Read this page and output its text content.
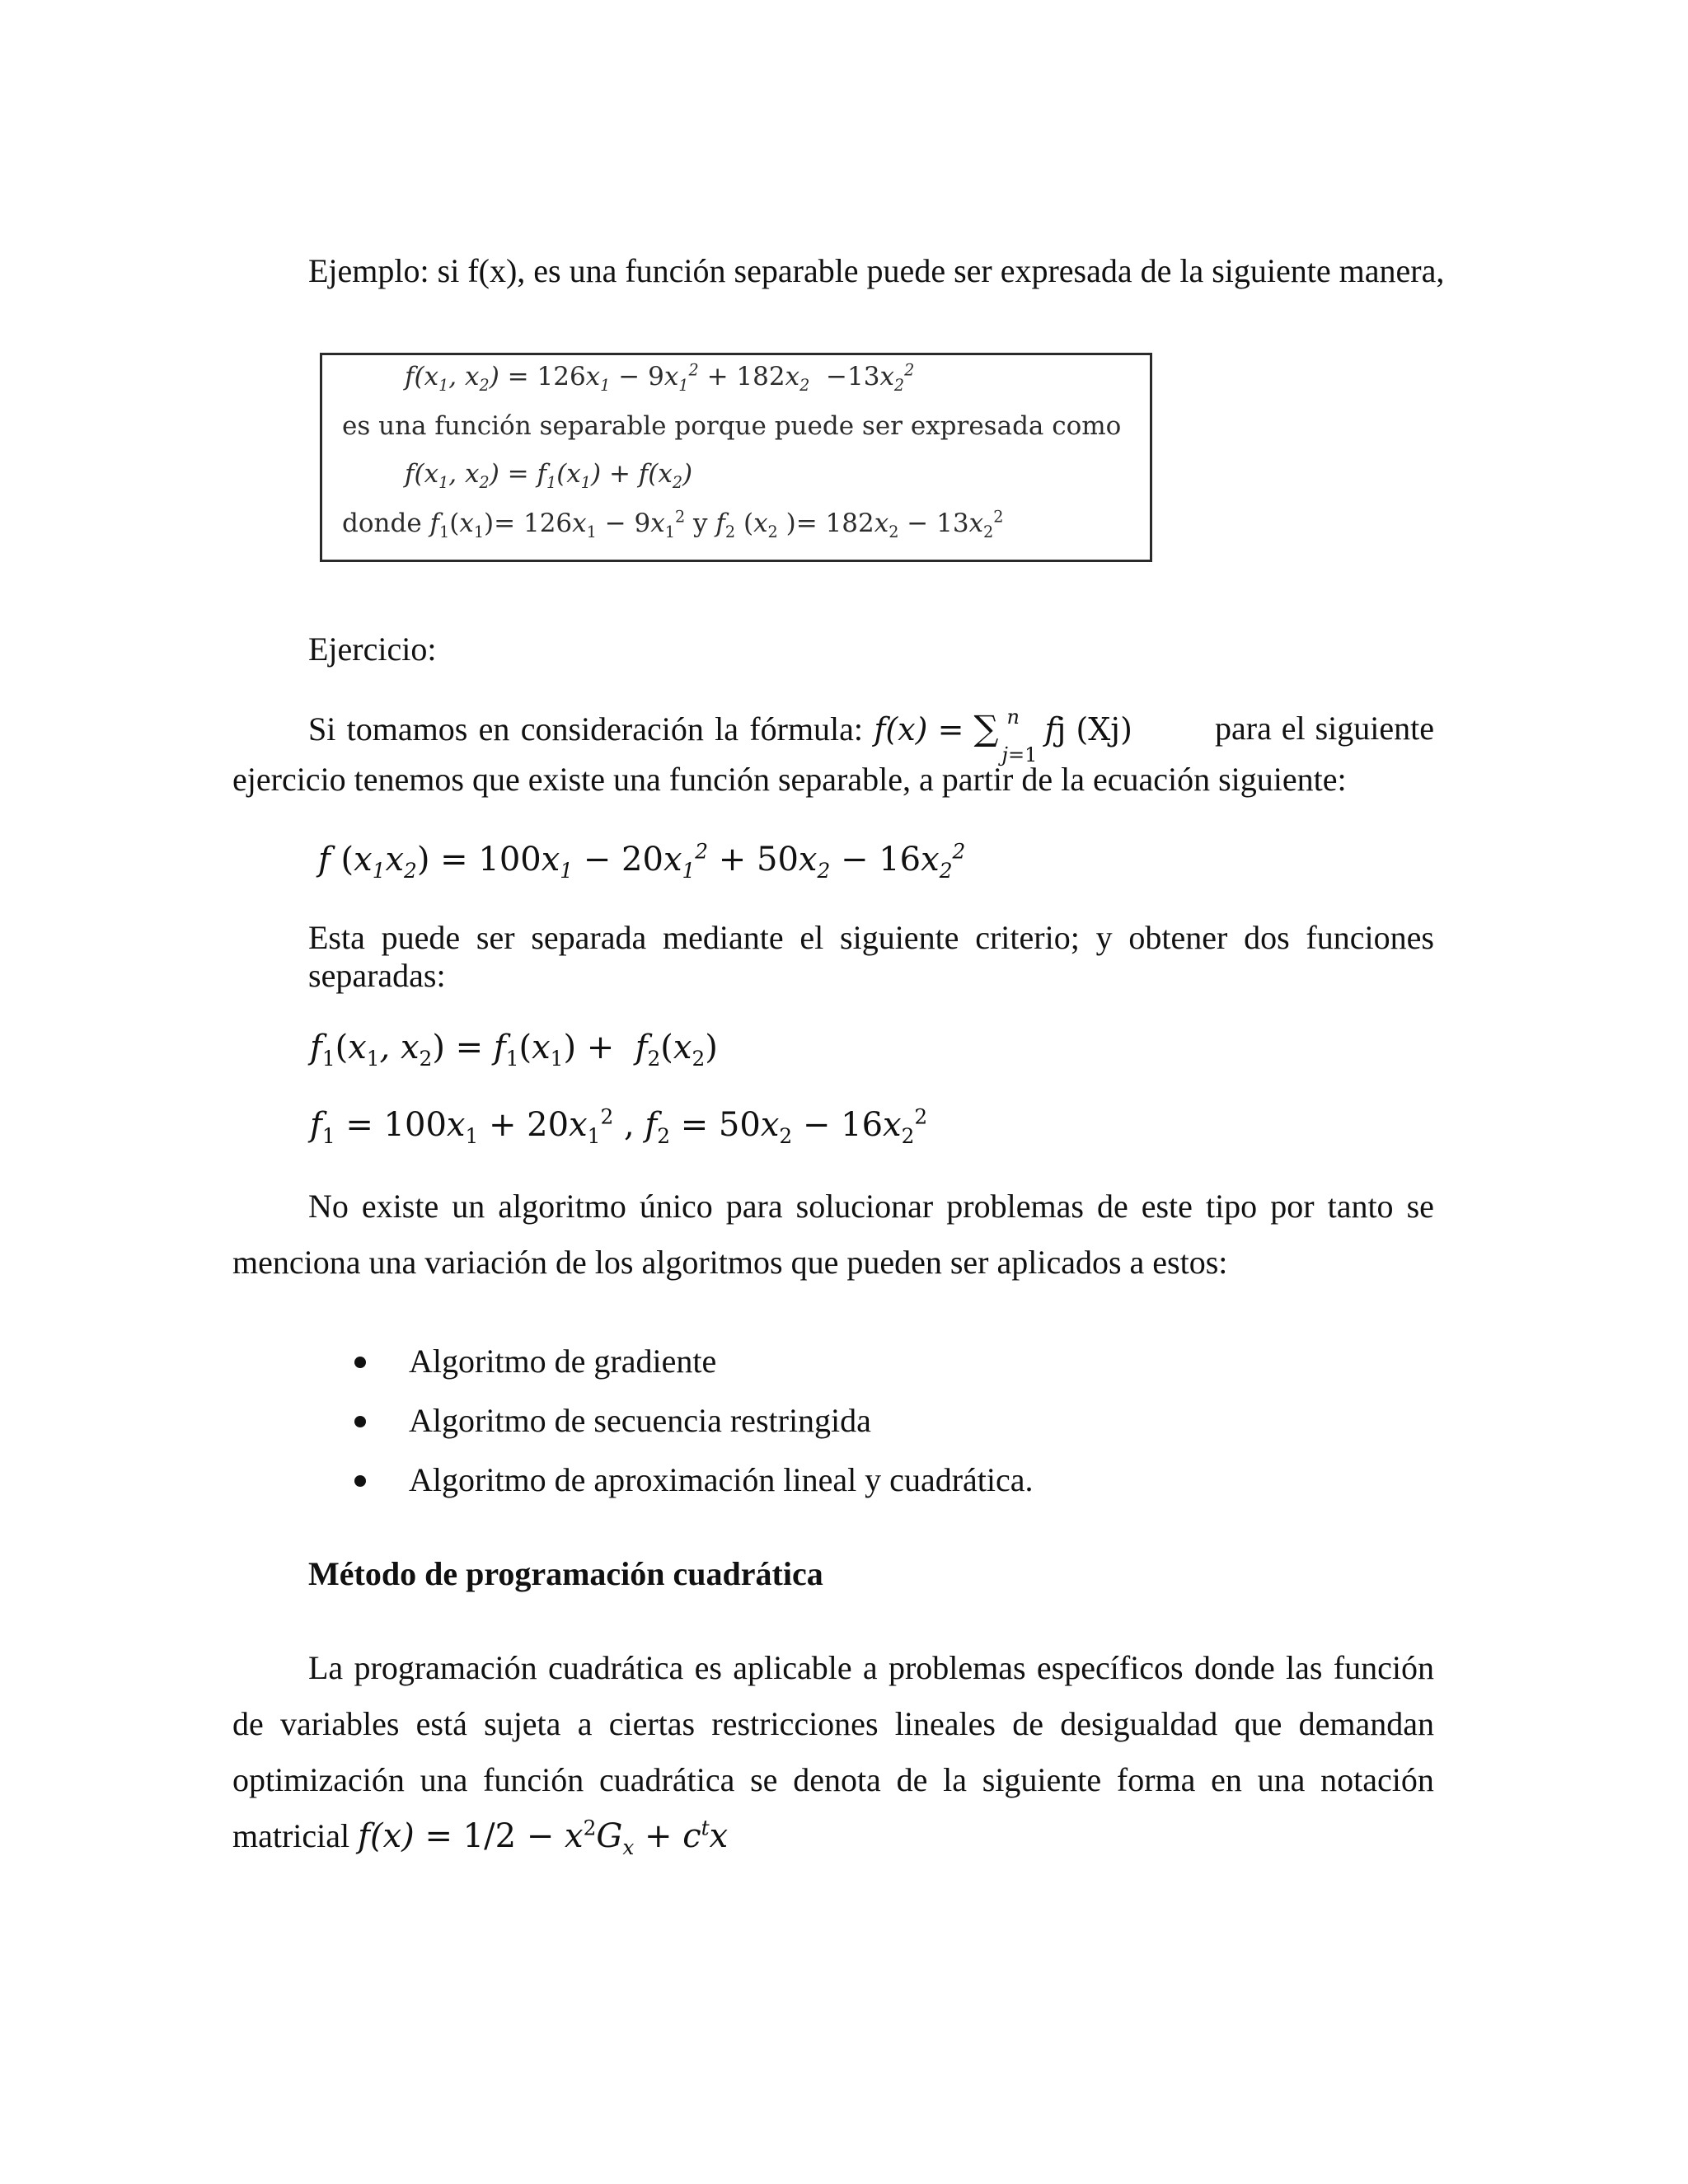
Ejemplo: si f(x), es una función separable puede ser expresada de la siguiente manera,
$f(x_1$, $x_2) = 126x_1 - 9x_1^2 + 182x_2 -13x_2^2$
es una función separable porque puede ser expresada como
$f(x_1$, $x_2) = f_1(x_1) + f(x_2)$
donde $f_1(x_1)= 126x_1 - 9x_1^2$ y $f_2$ ($x_2$ )= $182x_2 - 13x_2^2$
Ejercicio:
Si tomamos en consideración la fórmula: f(x) = ∑ n
j=1
fj (Xj)	para el siguiente
ejercicio tenemos que existe una función separable, a partir de la ecuación siguiente:
f $(x_1x_2) = 100x_1 - 20x_1^2 + 50x_2 - 16x_2^2$
Esta puede ser separada mediante el siguiente criterio; y obtener dos funciones
separadas:
$f_1(x_1$, $x_2) = f_1(x_1) + f_2(x_2)$
$f_1 = 100x_1 + 20x_1^2$ , $f_2 = 50x_2 - 16x_2^2$
No existe un algoritmo único para solucionar problemas de este tipo por tanto se
menciona una variación de los algoritmos que pueden ser aplicados a estos:
Algoritmo de gradiente
Algoritmo de secuencia restringida
Algoritmo de aproximación lineal y cuadrática.
Método de programación cuadrática
La programación cuadrática es aplicable a problemas específicos donde las función
de variables está sujeta a ciertas restricciones lineales de desigualdad que demandan
optimización una función cuadrática se denota de la siguiente forma en una notación
matricial $f(x) = 1/2 - x^2G_x + c^tx$
